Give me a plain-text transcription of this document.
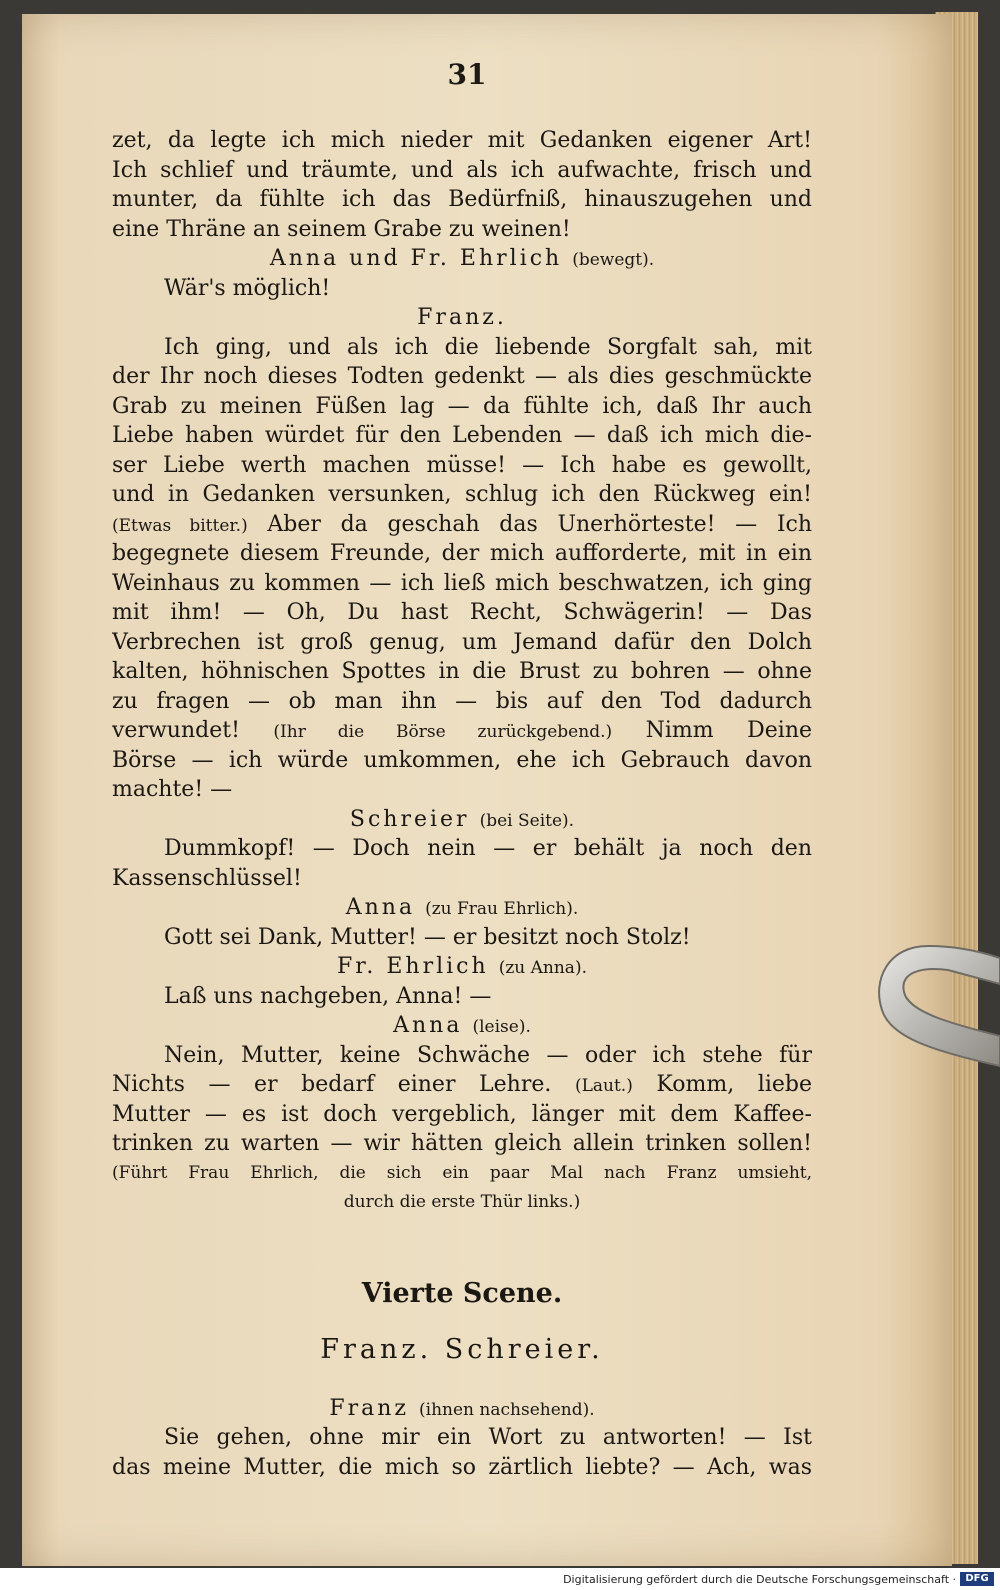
31
zet, da legte ich mich nieder mit Gedanken eigener Art!
Ich schlief und träumte, und als ich aufwachte, frisch und
munter, da fühlte ich das Bedürfniß, hinauszugehen und
eine Thräne an seinem Grabe zu weinen!
Anna und Fr. Ehrlich (bewegt).
Wär's möglich!
Franz.
Ich ging, und als ich die liebende Sorgfalt sah, mit
der Ihr noch dieses Todten gedenkt — als dies geschmückte
Grab zu meinen Füßen lag — da fühlte ich, daß Ihr auch
Liebe haben würdet für den Lebenden — daß ich mich die-
ser Liebe werth machen müsse! — Ich habe es gewollt,
und in Gedanken versunken, schlug ich den Rückweg ein!
(Etwas bitter.) Aber da geschah das Unerhörteste! — Ich
begegnete diesem Freunde, der mich aufforderte, mit in ein
Weinhaus zu kommen — ich ließ mich beschwatzen, ich ging
mit ihm! — Oh, Du hast Recht, Schwägerin! — Das
Verbrechen ist groß genug, um Jemand dafür den Dolch
kalten, höhnischen Spottes in die Brust zu bohren — ohne
zu fragen — ob man ihn — bis auf den Tod dadurch
verwundet! (Ihr die Börse zurückgebend.) Nimm Deine
Börse — ich würde umkommen, ehe ich Gebrauch davon
machte! —
Schreier (bei Seite).
Dummkopf! — Doch nein — er behält ja noch den
Kassenschlüssel!
Anna (zu Frau Ehrlich).
Gott sei Dank, Mutter! — er besitzt noch Stolz!
Fr. Ehrlich (zu Anna).
Laß uns nachgeben, Anna! —
Anna (leise).
Nein, Mutter, keine Schwäche — oder ich stehe für
Nichts — er bedarf einer Lehre. (Laut.) Komm, liebe
Mutter — es ist doch vergeblich, länger mit dem Kaffee-
trinken zu warten — wir hätten gleich allein trinken sollen!
(Führt Frau Ehrlich, die sich ein paar Mal nach Franz umsieht,
durch die erste Thür links.)
Vierte Scene.
Franz. Schreier.
Franz (ihnen nachsehend).
Sie gehen, ohne mir ein Wort zu antworten! — Ist
das meine Mutter, die mich so zärtlich liebte? — Ach, was
Digitalisierung gefördert durch die Deutsche Forschungsgemeinschaft · DFG
